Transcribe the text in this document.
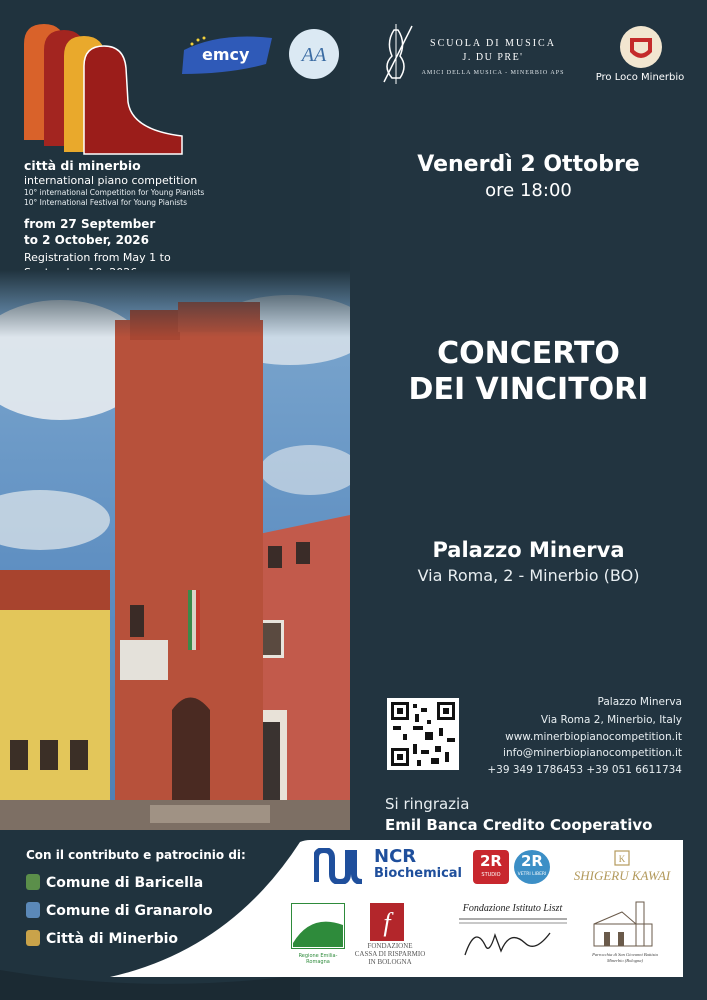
emcy	AA
città di minerbio
international piano competition
10° international Competition for Young Pianists
10° International Festival for Young Pianists
from 27 September
to 2 October, 2026
Registration from May 1 to
SCUOLA DI MUSICA
J. DU PRE'
AMICI DELLA MUSICA - MINERBIO APS	Pro Loco Minerbio
Venerdì 2 Ottobre
ore 18:00
CONCERTO
DEI VINCITORI
Palazzo Minerva
Via Roma, 2 - Minerbio (BO)
Palazzo Minerva
Via Roma 2, Minerbio, Italy
www.minerbiopianocompetition.it
info@minerbiopianocompetition.it
+39 349 1786453 +39 051 6611734
Si ringrazia
Emil Banca Credito Cooperativo
Con il contributo e patrocinio di:
Comune di Baricella
Comune di Granarolo
Città di Minerbio
NCR
Biochemical
2R
STUDIO
2R
VETRI LIBERI
K
SHIGERU KAWAI
Regione Emilia-Romagna
f
FONDAZIONE
CASSA DI RISPARMIO
IN BOLOGNA
Fondazione Istituto Liszt
Parrocchia di San Giovanni Battista
Minerbio (Bologna)
